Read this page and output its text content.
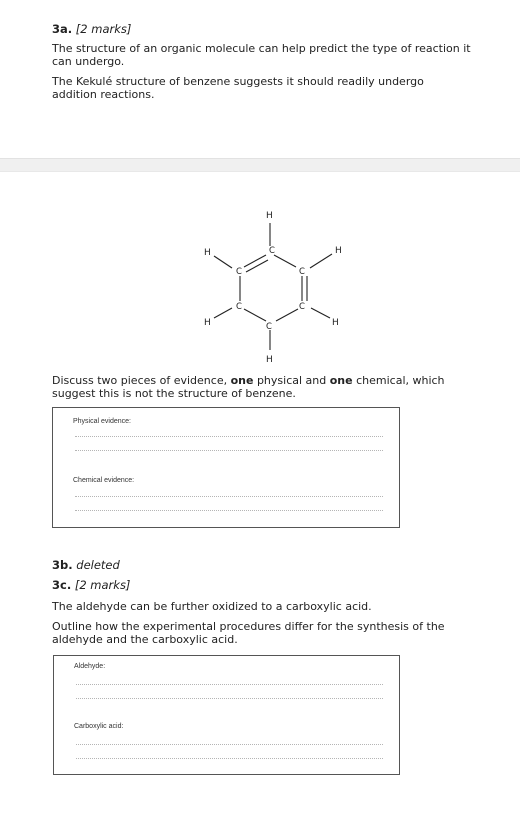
3a. [2 marks]
The structure of an organic molecule can help predict the type of reaction it can undergo.
The Kekulé structure of benzene suggests it should readily undergo addition reactions.
H
C
H	H
C	C
C	C
H	H
C
H
Discuss two pieces of evidence, one physical and one chemical, which suggest this is not the structure of benzene.
Physical evidence:
Chemical evidence:
3b. deleted
3c. [2 marks]
The aldehyde can be further oxidized to a carboxylic acid.
Outline how the experimental procedures differ for the synthesis of the aldehyde and the carboxylic acid.
Aldehyde:
Carboxylic acid:
